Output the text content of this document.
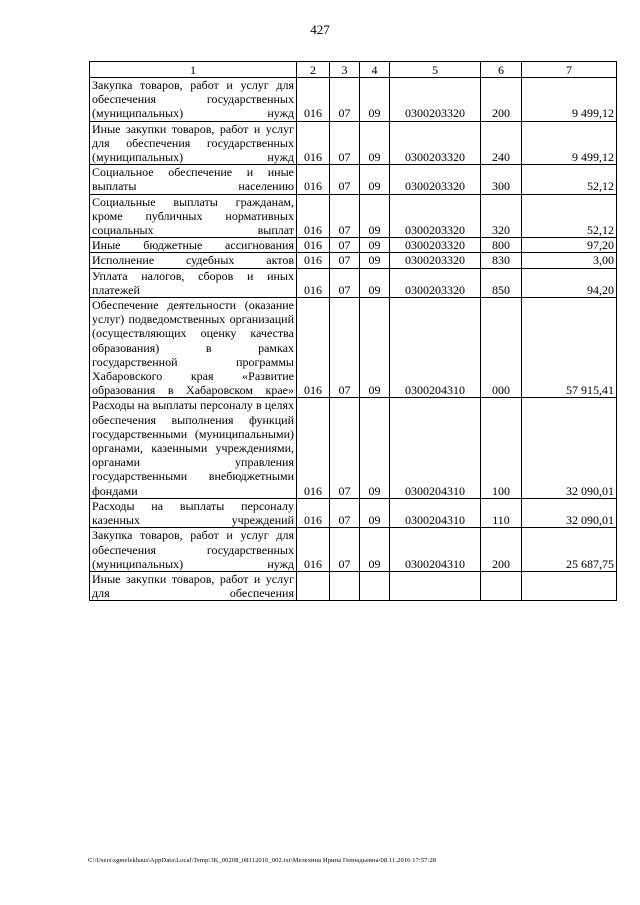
427
1	2	3	4	5	6	7
Закупка товаров, работ и услуг для обеспечения государственных (муниципальных) нужд	016	07	09	0300203320	200	9 499,12
Иные закупки товаров, работ и услуг для обеспечения государственных (муниципальных) нужд	016	07	09	0300203320	240	9 499,12
Социальное обеспечение и иные выплаты населению	016	07	09	0300203320	300	52,12
Социальные выплаты гражданам, кроме публичных нормативных социальных выплат	016	07	09	0300203320	320	52,12
Иные бюджетные ассигнования	016	07	09	0300203320	800	97,20
Исполнение судебных актов	016	07	09	0300203320	830	3,00
Уплата налогов, сборов и иных платежей	016	07	09	0300203320	850	94,20
Обеспечение деятельности (оказание услуг) подведомственных организаций (осуществляющих оценку качества образования) в рамках государственной программы Хабаровского края «Развитие образования в Хабаровском крае»	016	07	09	0300204310	000	57 915,41
Расходы на выплаты персоналу в целях обеспечения выполнения функций государственными (муниципальными) органами, казенными учреждениями, органами управления государственными внебюджетными фондами	016	07	09	0300204310	100	32 090,01
Расходы на выплаты персоналу казенных учреждений	016	07	09	0300204310	110	32 090,01
Закупка товаров, работ и услуг для обеспечения государственных (муниципальных) нужд	016	07	09	0300204310	200	25 687,75
Иные закупки товаров, работ и услуг для обеспечения						
C:\Users\sgmelekhaus\AppData\Local\Temp\3K_00208_08112016_002.txt\Мелехина Ирина Геннадьевна\08.11.2016 17:57:28
